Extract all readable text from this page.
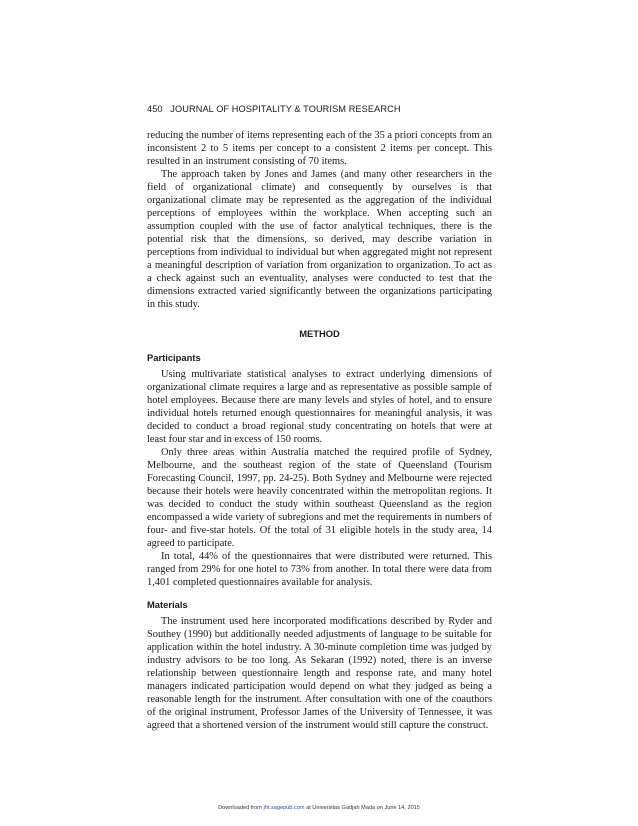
450 JOURNAL OF HOSPITALITY & TOURISM RESEARCH

reducing the number of items representing each of the 35 a priori concepts from an inconsistent 2 to 5 items per concept to a consistent 2 items per concept. This resulted in an instrument consisting of 70 items.

The approach taken by Jones and James (and many other researchers in the field of organizational climate) and consequently by ourselves is that organizational climate may be represented as the aggregation of the individual perceptions of employees within the workplace. When accepting such an assumption coupled with the use of factor analytical techniques, there is the potential risk that the dimensions, so derived, may describe variation in perceptions from individual to individual but when aggregated might not represent a meaningful description of variation from organization to organization. To act as a check against such an eventuality, analyses were conducted to test that the dimensions extracted varied significantly between the organizations participating in this study.

METHOD
Participants

Using multivariate statistical analyses to extract underlying dimensions of organizational climate requires a large and as representative as possible sample of hotel employees. Because there are many levels and styles of hotel, and to ensure individual hotels returned enough questionnaires for meaningful analysis, it was decided to conduct a broad regional study concentrating on hotels that were at least four star and in excess of 150 rooms.

Only three areas within Australia matched the required profile of Sydney, Melbourne, and the southeast region of the state of Queensland (Tourism Forecasting Council, 1997, pp. 24-25). Both Sydney and Melbourne were rejected because their hotels were heavily concentrated within the metropolitan regions. It was decided to conduct the study within southeast Queensland as the region encompassed a wide variety of subregions and met the requirements in numbers of four- and five-star hotels. Of the total of 31 eligible hotels in the study area, 14 agreed to participate.

In total, 44% of the questionnaires that were distributed were returned. This ranged from 29% for one hotel to 73% from another. In total there were data from 1,401 completed questionnaires available for analysis.

Materials

The instrument used here incorporated modifications described by Ryder and Southey (1990) but additionally needed adjustments of language to be suitable for application within the hotel industry. A 30-minute completion time was judged by industry advisors to be too long. As Sekaran (1992) noted, there is an inverse relationship between questionnaire length and response rate, and many hotel managers indicated participation would depend on what they judged as being a reasonable length for the instrument. After consultation with one of the coauthors of the original instrument, Professor James of the University of Tennessee, it was agreed that a shortened version of the instrument would still capture the construct.

Downloaded from jht.sagepub.com at Universitas Gadjah Mada on June 14, 2015
